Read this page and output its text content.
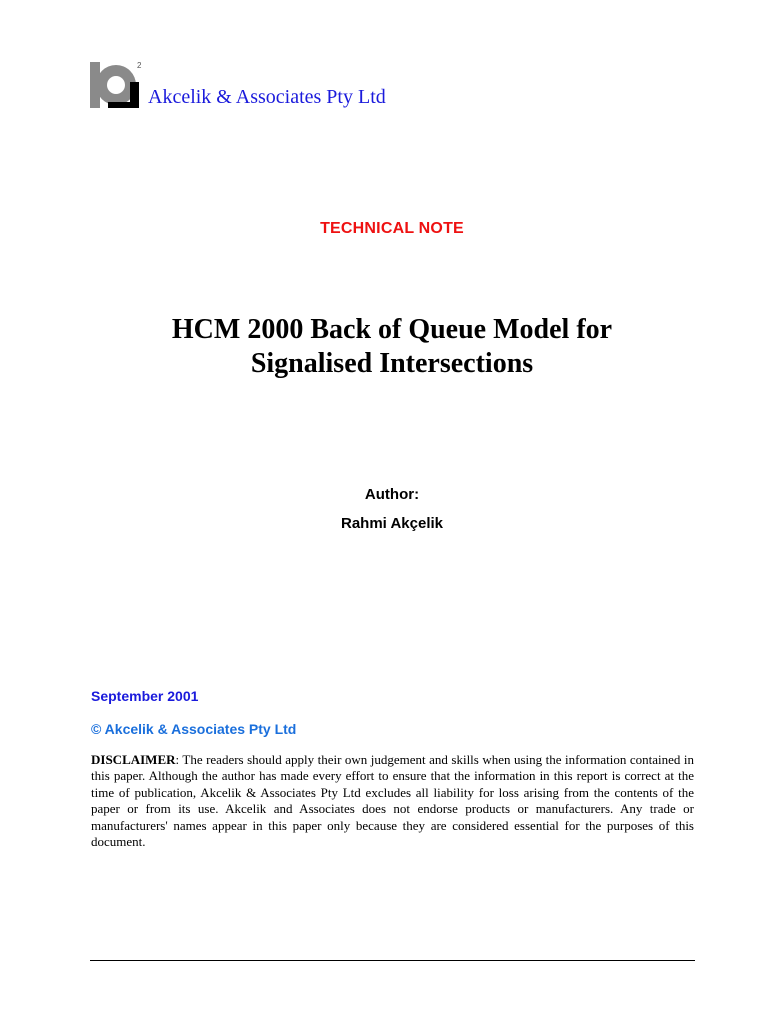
2
Akcelik & Associates Pty Ltd
TECHNICAL NOTE
HCM 2000 Back of Queue Model for
Signalised Intersections
Author:
Rahmi Akçelik
September 2001
© Akcelik & Associates Pty Ltd
DISCLAIMER: The readers should apply their own judgement and skills when using the information contained in this paper. Although the author has made every effort to ensure that the information in this report is correct at the time of publication, Akcelik & Associates Pty Ltd excludes all liability for loss arising from the contents of the paper or from its use. Akcelik and Associates does not endorse products or manufacturers. Any trade or manufacturers' names appear in this paper only because they are considered essential for the purposes of this document.
